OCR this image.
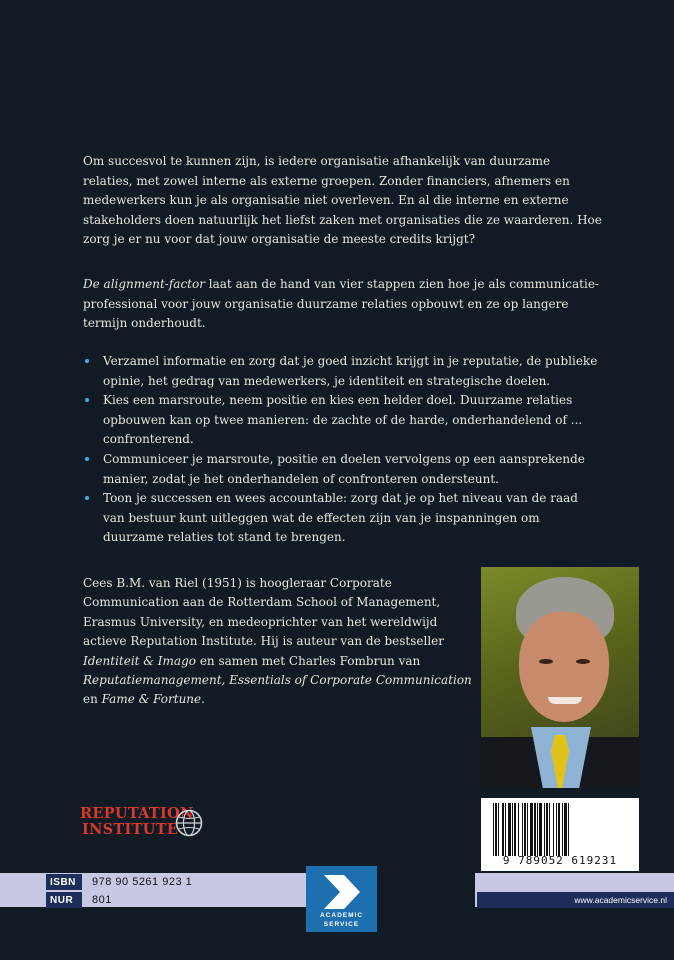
Om succesvol te kunnen zijn, is iedere organisatie afhankelijk van duurzame relaties, met zowel interne als externe groepen. Zonder financiers, afnemers en medewerkers kun je als organisatie niet overleven. En al die interne en externe stakeholders doen natuurlijk het liefst zaken met organisaties die ze waarderen. Hoe zorg je er nu voor dat jouw organisatie de meeste credits krijgt?

De alignment-factor laat aan de hand van vier stappen zien hoe je als communicatie-professional voor jouw organisatie duurzame relaties opbouwt en ze op langere termijn onderhoudt.

Verzamel informatie en zorg dat je goed inzicht krijgt in je reputatie, de publieke opinie, het gedrag van medewerkers, je identiteit en strategische doelen.
Kies een marsroute, neem positie en kies een helder doel. Duurzame relaties opbouwen kan op twee manieren: de zachte of de harde, onderhandelend of ... confronterend.
Communiceer je marsroute, positie en doelen vervolgens op een aansprekende manier, zodat je het onderhandelen of confronteren ondersteunt.
Toon je successen en wees accountable: zorg dat je op het niveau van de raad van bestuur kunt uitleggen wat de effecten zijn van je inspanningen om duurzame relaties tot stand te brengen.

Cees B.M. van Riel (1951) is hoogleraar Corporate Communication aan de Rotterdam School of Management, Erasmus University, en medeoprichter van het wereldwijd actieve Reputation Institute. Hij is auteur van de bestseller Identiteit & Imago en samen met Charles Fombrun van Reputatiemanagement, Essentials of Corporate Communication en Fame & Fortune.

REPUTATION
INSTITUTE
9 789052 619231
ISBN	978 90 5261 923 1
NUR	801	www.academicservice.nl
ACADEMIC
SERVICE
